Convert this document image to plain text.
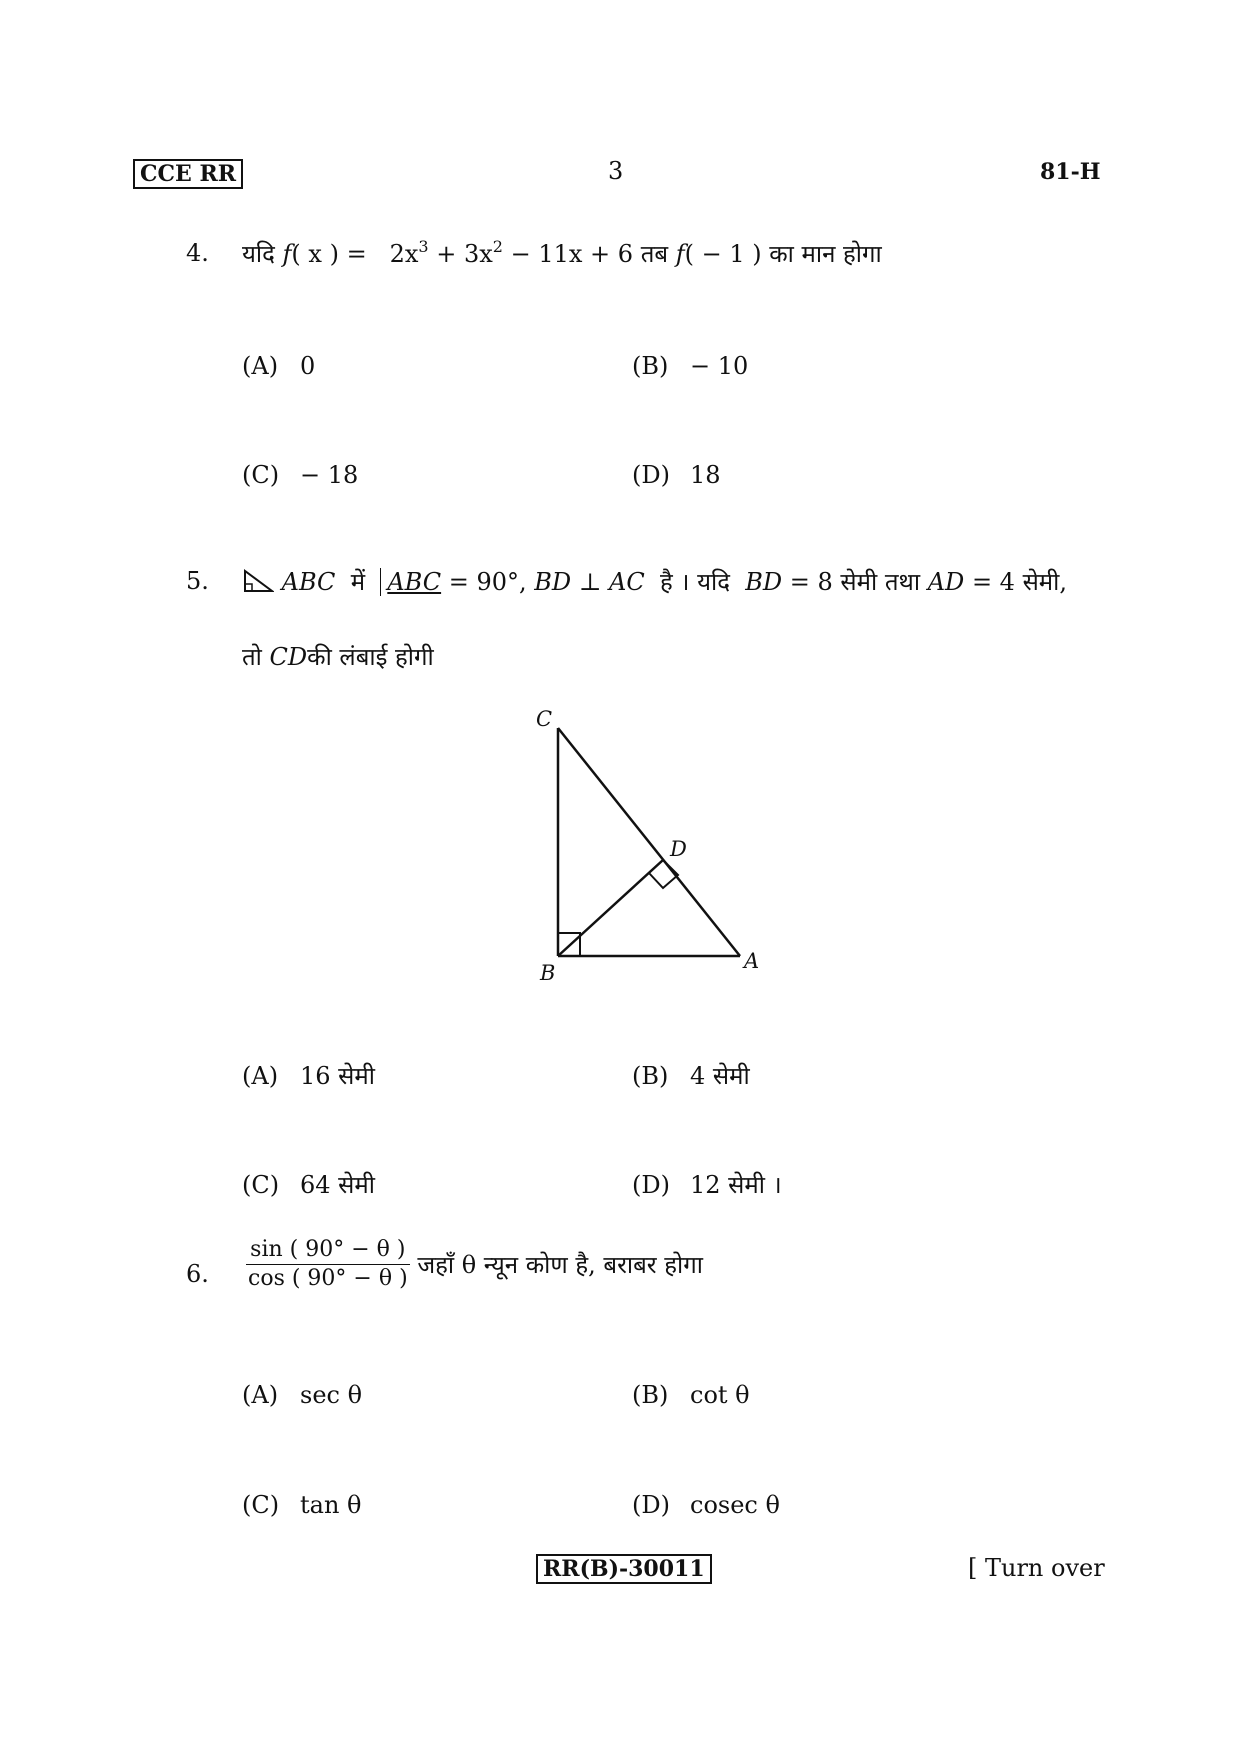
CCE RR	3	81-H
4. यदि f( x ) = $2x^3 + 3x^2 - 11x + 6$ तब f( − 1 ) का मान होगा
(A) 0	(B) − 10
(C) − 18	(D) 18
5.	ABC में ABC = 90°, BD ⊥ AC है । यदि BD = 8 सेमी तथा AD = 4 सेमी,
तो CDकी लंबाई होगी
C
D
B	A
(A) 16 सेमी	(B) 4 सेमी
(C) 64 सेमी	(D) 12 सेमी ।
6. $\frac{\sin ( 90^\circ - \theta )}{\cos ( 90^\circ - \theta )}$ जहाँ θ न्यून कोण है, बराबर होगा
(A) sec θ	(B) cot θ
(C) tan θ	(D) cosec θ
RR(B)-30011	[ Turn over
